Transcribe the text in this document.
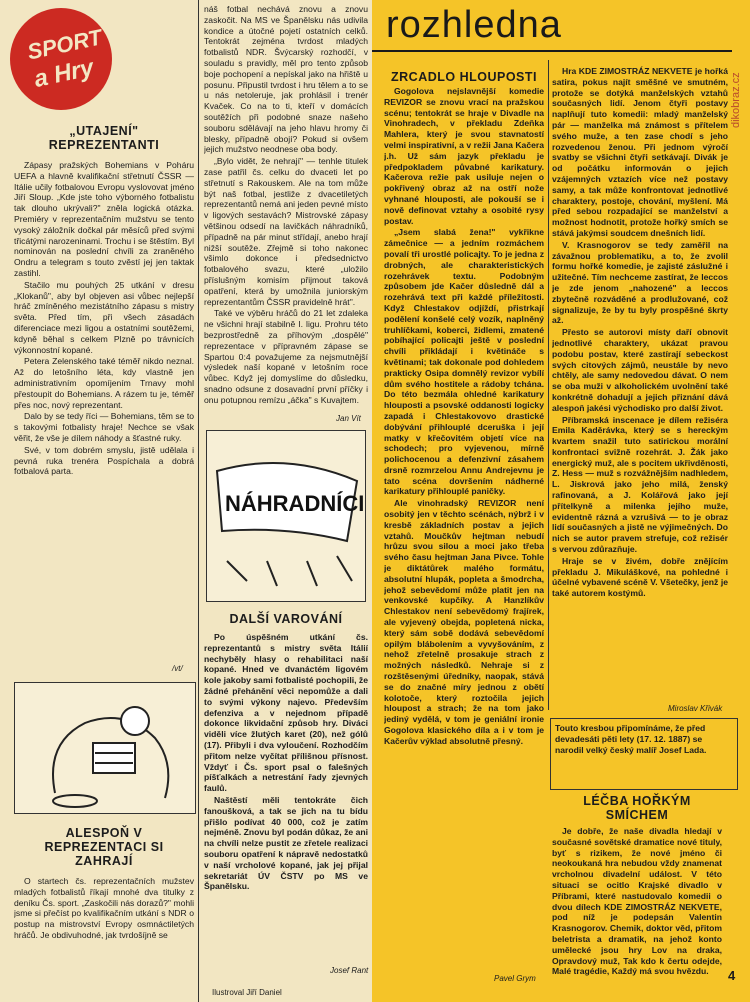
SPORT
a Hry
„UTAJENÍ" REPREZENTANTI

Zápasy pražských Bohemians v Poháru UEFA a hlavně kvalifikační střetnutí ČSSR — Itálie učily fotbalovou Evropu vyslovovat jméno Jiří Sloup. „Kde jste toho výborného fotbalistu tak dlouho ukrývali?" zněla logická otázka. Premiéry v reprezentačním mužstvu se tento vysoký záložník dočkal pár měsíců před svými třicátými narozeninami. Trochu i se štěstím. Byl nominován na poslední chvíli za zraněného Ondru a telegram s touto zvěstí jej jen taktak zastihl.

Stačilo mu pouhých 25 utkání v dresu „Klokanů", aby byl objeven asi vůbec nejlepší hráč zmíněného mezistátního zápasu s mistry světa. Před tím, při všech zásadách diferenciace mezi ligou a ostatními soutěžemi, kdyně běhal s celkem Plzně po trávnicích výkonnostní kopané.

Petera Zelenského také téměř nikdo neznal. Až do letošního léta, kdy vlastně jen administrativním opomíjením Trnavy mohl přestoupit do Bohemians. A rázem tu je, téměř přes noc, nový reprezentant.

Dalo by se tedy říci — Bohemians, těm se to s takovými fotbalisty hraje! Nechce se však věřit, že vše je dílem náhody a šťastné ruky.

Své, v tom dobrém smyslu, jistě udělala i pevná ruka trenéra Pospíchala a dobrá fotbalová parta.

/vt/
ALESPOŇ V REPREZENTACI SI ZAHRAJÍ

O startech čs. reprezentačních mužstev mladých fotbalistů říkají mnohé dva titulky z deníku Čs. sport. „Zaskočili nás dorazů?" mohli jsme si přečíst po kvalifikačním utkání s NDR o postup na mistrovství Evropy osmnáctiletých hráčů. Je obdivuhodné, jak tvrdošíjně se

náš fotbal nechává znovu a znovu zaskočit. Na MS ve Španělsku nás udivila kondice a útočné pojetí ostatních celků. Tentokrát zejména tvrdost mladých fotbalistů NDR. Švýcarský rozhodčí, v souladu s pravidly, měl pro tento způsob boje pochopení a nepískal jako na hřiště u posunu. Připustil tvrdost i hru tělem a to se u nás netoleruje, jak prohlásil i trenér Kvaček. Co na to ti, kteří v domácích soutěžích při podobné snaze našeho souboru sdělávají na jeho hlavu hromy či blesky, případně obojí? Pokud si ovšem jejich mužstvo neodnese oba body.

„Bylo vidět, že nehrají" — tenhle titulek zase patřil čs. celku do dvaceti let po střetnutí s Rakouskem. Ale na tom může být naš fotbal, jestliže z dvacetiletých reprezentantů nemá ani jeden pevné místo v ligových sestavách? Mistrovské zápasy většinou odsedí na lavičkách náhradníků, případně na pár minut střídají, anebo hrají nižší soutěže. Zřejmě si toho nakonec všimlo dokonce i předsednictvo fotbalového svazu, které „uložilo příslušným komisím přijmout taková opatření, která by umožnila juniorským reprezentantům ČSSR pravidelně hrát".

Také ve výběru hráčů do 21 let zdaleka ne všichni hrají stabilně I. ligu. Prohru této bezprostředně za příhovým „dospělé" reprezentace v přípravném zápase se Spartou 0:4 považujeme za nejsmutnější výsledek naší kopané v letošním roce vůbec. Když jej domyslíme do důsledku, snadno odsune z dosavadní první příčky i onu potupnou remízu „áčka" s Kuvajtem.

Jan Vít
NÁHRADNÍCI
DALŠÍ VAROVÁNÍ

Po úspěšném utkání čs. reprezentantů s mistry světa Itálií nechyběly hlasy o rehabilitaci naší kopané. Hned ve dvanáctém ligovém kole jakoby sami fotbalisté pochopili, že žádné přehánění věci nepomůže a dali to svými výkony najevo. Především defenziva a v nejednom případě dokonce likvidační způsob hry. Diváci viděli více žlutých karet (20), než gólů (17). Přibyli i dva vyloučení. Rozhodčím přitom nelze vyčítat přílišnou přísnost. Vždyť i Čs. sport psal o falešných píšťalkách a netrestání řady zjevných faulů.

Naštěstí měli tentokráte čich fanoušková, a tak se jich na tu bídu přišlo podívat 40 000, což je zatím nejméně. Znovu byl podán důkaz, že ani na chvíli nelze pustit ze zřetele realizaci souboru opatření k nápravě nedostatků v naší vrcholové kopané, jak jej přijal sekretariát ÚV ČSTV po MS ve Španělsku.

Josef Rant
Ilustroval Jiří Daniel
rozhledna
dikobraz.cz
ZRCADLO HLOUPOSTI

Gogolova nejslavnější komedie REVIZOR se znovu vrací na pražskou scénu; tentokrát se hraje v Divadle na Vinohradech, v překladu Zdeňka Mahlera, který je svou stavnatostí velmi inspirativní, a v režii Jana Kačera j.h. Už sám jazyk překladu je předpokladem půvabné karikatury. Kačerova režie pak usiluje nejen o pokřivený obraz až na ostří nože vyhnané hlouposti, ale pokouší se i nově definovat vztahy a osobité rysy postav.

„Jsem slabá žena!" vykřikne zámečnice — a jedním rozmáchem povalí tři urostlé policajty. To je jedna z drobných, ale charakteristických rozehrávek textu. Podobným způsobem jde Kačer důsledně dál a rozehrává text při každé příležitosti. Když Chlestakov odjíždí, přistrkají podělení konšelé celý vozík, naplněný truhlíčkami, koberci, židlemi, zmatené pobíhající policajti ještě v poslední chvíli přikládají i květináče s květinami; tak dokonale pod dohledem prakticky Osipa domnělý revizor vybílí dům svého hostitele a rádoby tchána. Do této bezmála ohledné karikatury hlouposti a psovské oddanosti logicky zapadá i Chlestakovovo drastické dobývání přihlouplé dceruška i její matky v křečovitém objetí více na schodech; pro vyjevenou, mírně polichocenou a defenzivní zásahem drsně rozmrzelou Annu Andrejevnu je tato scéna dovršením nádherné karikatury přihlouplé paničky.

Ale vinohradský REVIZOR není osobitý jen v těchto scénách, nýbrž i v kresbě základních postav a jejich vztahů. Moučkův hejtman nebudí hrůzu svou silou a moci jako třeba svého času hejtman Jana Pivce. Tohle je diktátůrek malého formátu, absolutní hlupák, popleta a šmodrcha, jehož sebevědomí může platit jen na venkovské kupčíky. A Hanzlíkův Chlestakov není sebevědomý frajírek, ale vyjevený obejda, popletená nicka, který sám sobě dodává sebevědomí opilým blábolením a vyvyšováním, z nehož zřetelně prosakuje strach z možných následků. Nehraje si z rozštěsenými úředníky, naopak, stává se do značné míry jednou z obětí kolotoče, který roztočila jejich hloupost a strach; že na tom jako jediný vydělá, v tom je geniální ironie Gogolova klasického díla a i v tom je Kačerův výklad absolutně přesný.

Pavel Grym

Hra KDE ZIMOSTRÁZ NEKVETE je hořká satira, pokus najít směšné ve smutném, protože se dotýká manželských vztahů současných lidí. Jenom čtyři postavy naplňují tuto komedii: mladý manželský pár — manželka má známost s přítelem svého muže, a ten zase chodí s jeho rozvedenou ženou. Při jednom výročí svatby se všichni čtyři setkávají. Divák je od počátku informován o jejich vzájemných vztazích více než postavy samy, a tak může konfrontovat jednotlivé charaktery, postoje, chování, myšlení. Má před sebou rozpadající se manželství a možnost hodnotit, protože hořký smích se stává jakýmsi soudcem dnešních lidí.

V. Krasnogorov se tedy zaměřil na závažnou problematiku, a to, že zvolil formu hořké komedie, je zajisté záslužné i užitečné. Tím nechceme zastírat, že leccos je zde jenom „nahozené" a leccos zbytečně rozváděné a prodlužované, což signalizuje, že by tu byly prospěšné škrty až.

Přesto se autorovi místy daří obnovit jednotlivé charaktery, ukázat pravou podobu postav, které zastírají sebeckost svých citových zájmů, neustále by nevo chtěly, ale samy nedovedou dávat. O nem se oba muži v alkoholickém uvolnění také konkrétně dohadují a jejich přiznání dává alespoň jakési východisko pro další život.

Příbramská inscenace je dílem režiséra Emila Kaděrávka, který se s hereckým kvartem snažil tuto satirickou morální konfrontaci svižně rozehrát. J. Žák jako energický muž, ale s pocitem ukřivděnosti, Z. Hess — muž s rozvážnějším nadhledem, L. Jiskrová jako jeho milá, ženský rafinovaná, a J. Kolářová jako její přítelkyně a milenka jejího muže, evidentně rázná a vzrušivá — to je obraz lidí současných a jistě ne výjimečných. Do nich se autor pravem strefuje, což režisér s vervou zdůrazňuje.

Hraje se v živém, dobře znějícím překladu J. Mikuláškové, na pohledné i účelné vybavené scéně V. Všetečky, jenž je také autorem kostýmů.

Miroslav Křivák
Touto kresbou připomínáme, že před devadesáti pěti lety (17. 12. 1887) se narodil velký český malíř Josef Lada.
LÉČBA HOŘKÝM SMÍCHEM

Je dobře, že naše divadla hledají v současné sovětské dramatice nové tituly, byť s rizikem, že nové jméno či neokoukaná hra nebudou vždy znamenat vrcholnou divadelní událost. V této situaci se ocitlo Krajské divadlo v Příbrami, které nastudovalo komedii o dvou dílech KDE ZIMOSTRÁZ NEKVETE, pod níž je podepsán Valentin Krasnogorov. Chemik, doktor věd, přitom beletrista a dramatik, na jehož konto umělecké jsou hry Lov na draka, Opravdový muž, Tak kdo k čertu odejde, Malé tragédie, Každý má svou hvězdu.	4
